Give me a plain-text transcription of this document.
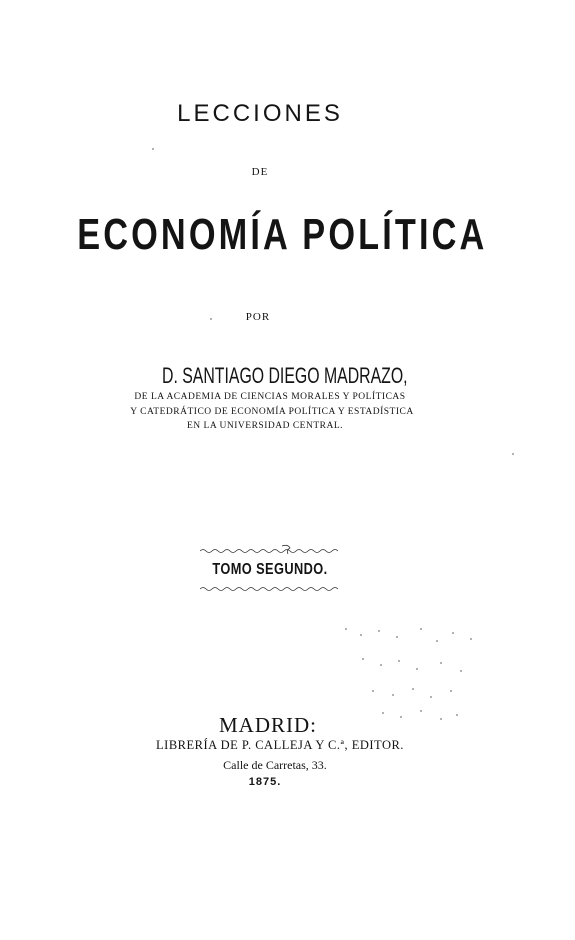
LECCIONES
DE
ECONOMÍA POLÍTICA
POR
D. SANTIAGO DIEGO MADRAZO,
DE LA ACADEMIA DE CIENCIAS MORALES Y POLÍTICAS
Y CATEDRÁTICO DE ECONOMÍA POLÍTICA Y ESTADÍSTICA
EN LA UNIVERSIDAD CENTRAL.
TOMO SEGUNDO.
MADRID:
LIBRERÍA DE P. CALLEJA Y C.ª, EDITOR.
Calle de Carretas, 33.
1875.
